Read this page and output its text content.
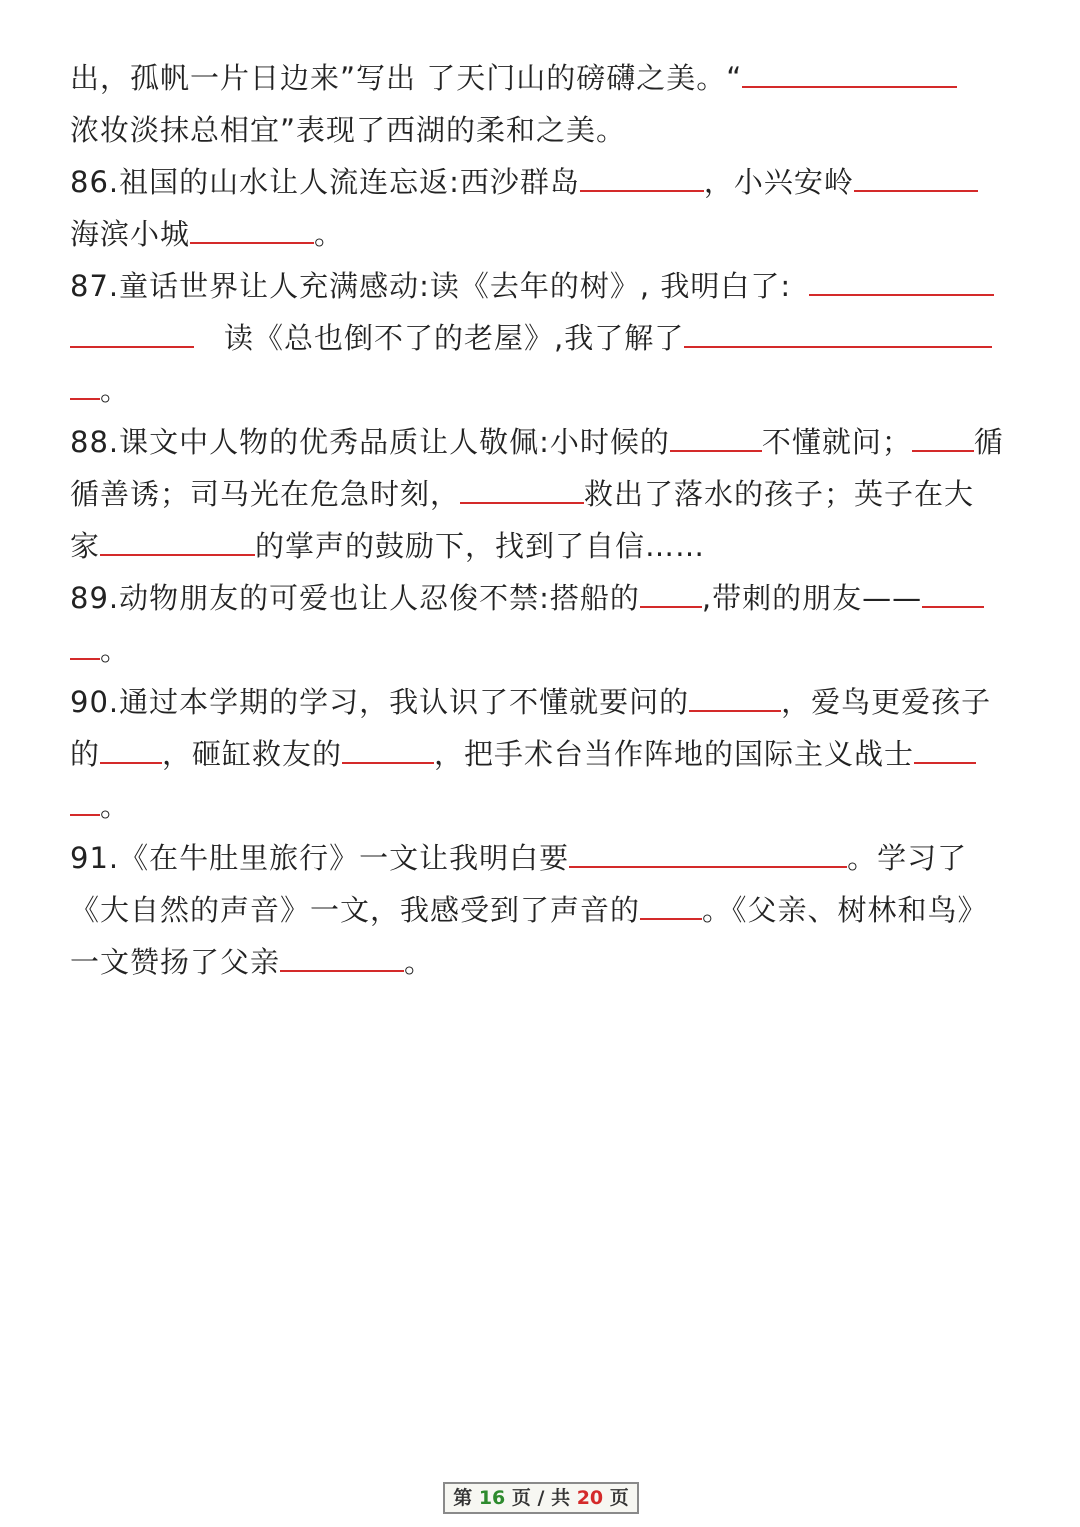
出，孤帆一片日边来”写出 了天门山的磅礴之美。“
浓妆淡抹总相宜”表现了西湖的柔和之美。
86.祖国的山水让人流连忘返:西沙群岛	，小兴安岭
海滨小城	。
87.童话世界让人充满感动:读《去年的树》, 我明白了:
读《总也倒不了的老屋》,我了解了
。
88.课文中人物的优秀品质让人敬佩:小时候的	不懂就问； 循
循善诱；司马光在危急时刻，	救出了落水的孩子；英子在大
家	的掌声的鼓励下，找到了自信……
89.动物朋友的可爱也让人忍俊不禁:搭船的 ,带刺的朋友——
。
90.通过本学期的学习，我认识了不懂就要问的	，爱鸟更爱孩子
的 ，砸缸救友的	，把手术台当作阵地的国际主义战士
。
91.《在牛肚里旅行》一文让我明白要	。学习了
《大自然的声音》一文，我感受到了声音的 。《父亲、树林和鸟》
一文赞扬了父亲	。
第 16 页 / 共 20 页
